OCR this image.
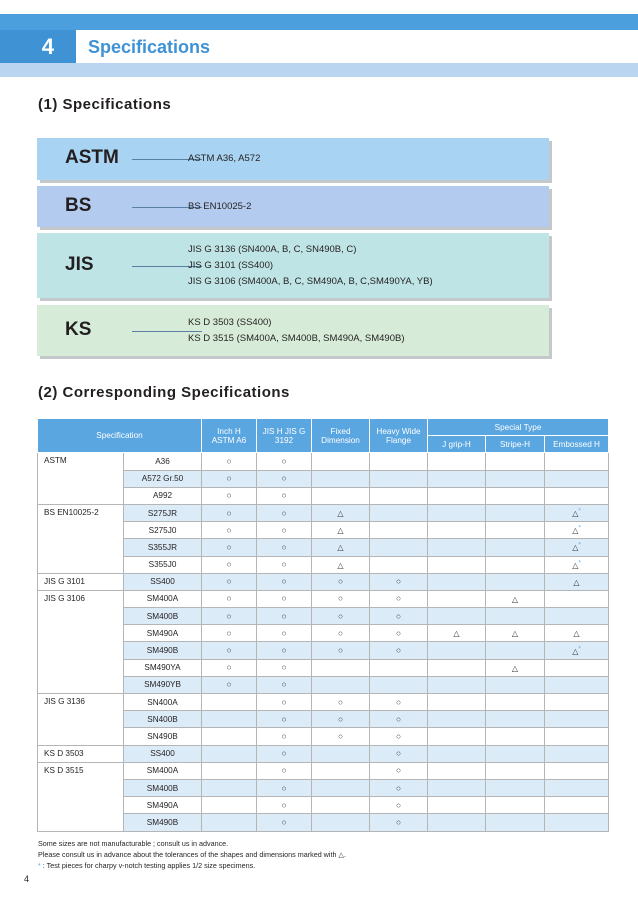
4	Specifications
(1) Specifications
ASTM	ASTM A36, A572
BS	BS EN10025-2
JIS
JIS G 3136 (SN400A, B, C, SN490B, C)
JIS G 3101 (SS400)
JIS G 3106 (SM400A, B, C, SM490A, B, C,SM490YA, YB)
KS	KS D 3503 (SS400)
KS D 3515 (SM400A, SM400B, SM490A, SM490B)
(2) Corresponding Specifications
Specification		Inch H ASTM A6	JIS H JIS G 3192	Fixed Dimension	Heavy Wide Flange	Special Type		
						J grip-H	Stripe-H	Embossed H
ASTM	A36	○	○					
	A572 Gr.50	○	○					
	A992	○	○					
BS EN10025-2	S275JR	○	○	△				△*
	S275J0	○	○	△				△*
	S355JR	○	○	△				△*
	S355J0	○	○	△				△*
JIS G 3101	SS400	○	○	○	○			△
JIS G 3106	SM400A	○	○	○	○		△	
	SM400B	○	○	○	○			
	SM490A	○	○	○	○	△	△	△
	SM490B	○	○	○	○			△*
	SM490YA	○	○				△	
	SM490YB	○	○					
JIS G 3136	SN400A		○	○	○			
	SN400B		○	○	○			
	SN490B		○	○	○			
KS D 3503	SS400		○		○			
KS D 3515	SM400A		○		○			
	SM400B		○		○			
	SM490A		○		○			
	SM490B		○		○			
Some sizes are not manufacturable ; consult us in advance.
Please consult us in advance about the tolerances of the shapes and dimensions marked with △.
* : Test pieces for charpy v-notch testing applies 1/2 size specimens.
4
